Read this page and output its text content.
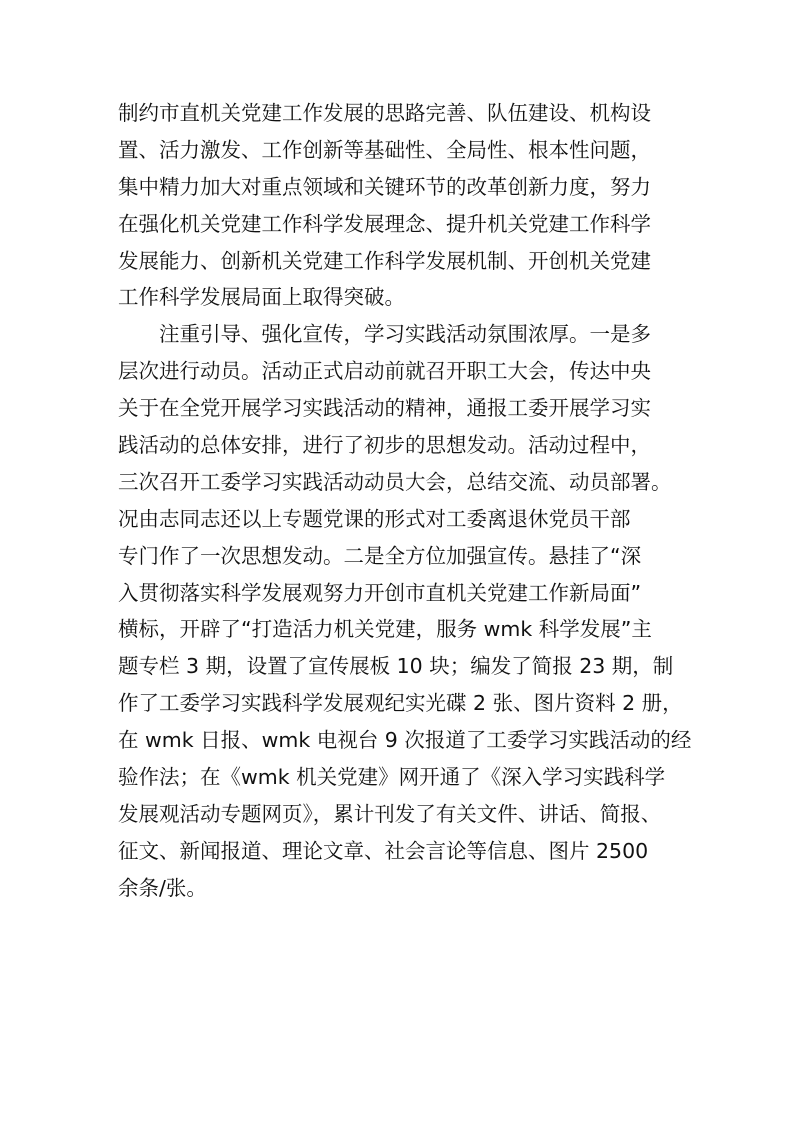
制约市直机关党建工作发展的思路完善、队伍建设、机构设
置、活力激发、工作创新等基础性、全局性、根本性问题，
集中精力加大对重点领域和关键环节的改革创新力度，努力
在强化机关党建工作科学发展理念、提升机关党建工作科学
发展能力、创新机关党建工作科学发展机制、开创机关党建
工作科学发展局面上取得突破。
注重引导、强化宣传，学习实践活动氛围浓厚。一是多
层次进行动员。活动正式启动前就召开职工大会，传达中央
关于在全党开展学习实践活动的精神，通报工委开展学习实
践活动的总体安排，进行了初步的思想发动。活动过程中，
三次召开工委学习实践活动动员大会，总结交流、动员部署。
况由志同志还以上专题党课的形式对工委离退休党员干部
专门作了一次思想发动。二是全方位加强宣传。悬挂了“深
入贯彻落实科学发展观努力开创市直机关党建工作新局面”
横标，开辟了“打造活力机关党建，服务 wmk 科学发展”主
题专栏 3 期，设置了宣传展板 10 块；编发了简报 23 期，制
作了工委学习实践科学发展观纪实光碟 2 张、图片资料 2 册，
在 wmk 日报、wmk 电视台 9 次报道了工委学习实践活动的经
验作法；在《wmk 机关党建》网开通了《深入学习实践科学
发展观活动专题网页》，累计刊发了有关文件、讲话、简报、
征文、新闻报道、理论文章、社会言论等信息、图片 2500
余条/张。
